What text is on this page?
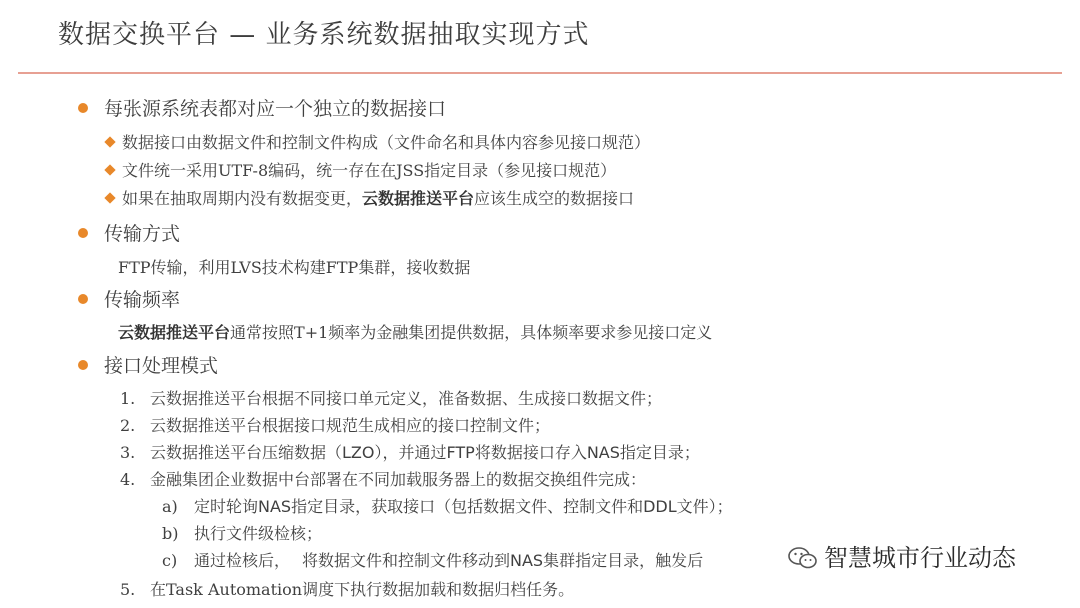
数据交换平台 — 业务系统数据抽取实现方式
每张源系统表都对应一个独立的数据接口
数据接口由数据文件和控制文件构成（文件命名和具体内容参见接口规范）
文件统一采用UTF-8编码，统一存在在JSS指定目录（参见接口规范）
如果在抽取周期内没有数据变更，云数据推送平台应该生成空的数据接口
传输方式
FTP传输，利用LVS技术构建FTP集群，接收数据
传输频率
云数据推送平台通常按照T+1频率为金融集团提供数据，具体频率要求参见接口定义
接口处理模式
1. 云数据推送平台根据不同接口单元定义，准备数据、生成接口数据文件；
2. 云数据推送平台根据接口规范生成相应的接口控制文件；
3. 云数据推送平台压缩数据（LZO），并通过FTP将数据接口存入NAS指定目录；
4. 金融集团企业数据中台部署在不同加载服务器上的数据交换组件完成：
a) 定时轮询NAS指定目录，获取接口（包括数据文件、控制文件和DDL文件）；
b) 执行文件级检核；
c) 通过检核后， 将数据文件和控制文件移动到NAS集群指定目录，触发后
5. 在Task Automation调度下执行数据加载和数据归档任务。
智慧城市行业动态
